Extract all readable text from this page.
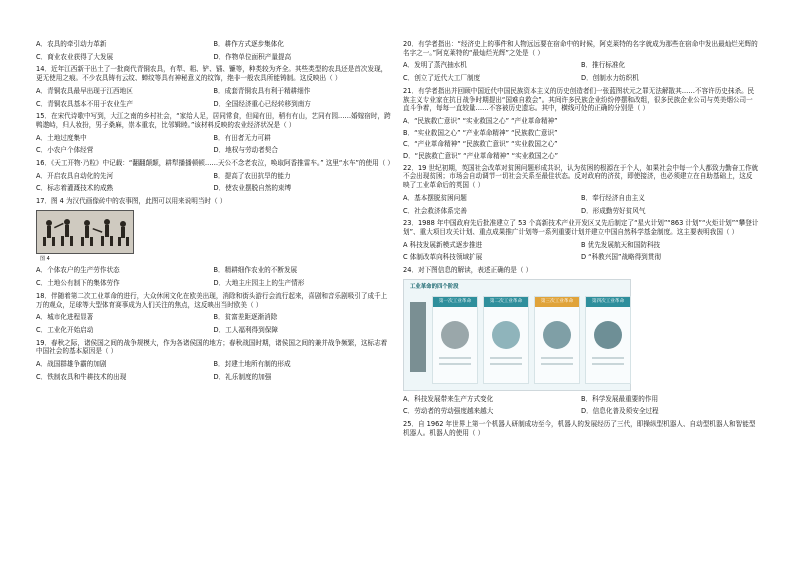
A．农具的牵引动力革新	B．耕作方式逐步集体化
C．商业农业获得了大发展	D．作物单位面积产量提高
14．近年江西新干出土了一批商代青铜农具，有犁、耜、铲、锸、镰等，种类较为齐全。其些类型的农具还是首次发现，更无使用之痕。不少农具铸有云纹、蝉纹等具有神秘意义的纹饰，绝非一般农具所能铸制。这反映出（ ）
A．青铜农具最早出现于江西地区	B．成套青铜农具有利于精耕细作
C．青铜农具基本不用于农业生产	D．全国经济重心已经转移到南方
15．在宋代诗歌中写到，大江之南的乡村社会，“家给人足，居同常食，但闻有田，稍有有山，艺同有园……婚嫁宿时，跨鸭遨峙，归人妆扮，男子桑麻，崇本重农，比邻辑睦。”该材料反映的农业经济状况是（ ）
A．土地过度集中	B．有田者无力可耕
C．小农户个体经营	D．地权与劳动者契合
16．《天工开物·乃粒》中记载：“翻翻颠颠，耕犁播播顿顿……天公不念老农泣，唤取阿香推雷车。” 这里“水车”的使用（ ）
A．开启农具自动化的先河	B．提高了农田抗旱的能力
C．标志着灌溉技术的成熟	D．使农业摆脱自然的束缚
17．图 4 为汉代画像砖中的农事图，此图可以用来说明当时（ ）
图 4
A．个体农户的生产劳作状态	B．精耕细作农业的不断发展
C．土地公有制下的集体劳作	D．大地主庄园主上的生产情形
18．伴随着第二次工业革命的进行，大众休闲文化在欧美出现，消除和街头游行会流行起来，喜剧和音乐剧吸引了成千上万的观众，足球等大型体育赛事成为人们关注的焦点，这反映出当时欧美（ ）
A．城市化进程显著	B．贫富差距逐渐消除
C．工业化开始启动	D．工人福利得到保障
19．春秋之际，诸侯国之间的战争规模大，作为各诸侯国的地方；春秋战国时期，诸侯国之间的兼并战争频繁，这标志着中国社会的基本原因是（ ）
A．战国群雄争霸的加剧	B．封建土地所有制的形成
C．铁制农具和牛耕技术的出现	D．礼乐制度的加强
20．有学者指出：“经济史上的事件和人物远远要在宿命中的时候，阿克莱特的名字就成为那些在宿命中发出最灿烂光辉的名字之一。”阿克莱特的“最灿烂光辉”之处是（ ）
A．发明了蒸汽抽水机	B．推行标准化
C．创立了近代大工厂制度	D．创制水力纺织机
21．有学者指出并回顾中国近代中国民族资本主义的历史创造者们一张蓝图状元之罪无法解散其……不容许历史抹杀。民族主义专业家在抗日战争时期提出“国难自救会”。其间许多民族企业纷纷停摆和改组，很多民族企业公司与英美烟公司一直斗争着，每每一直较量……不容被历史遗忘。其中，横线可处的正确的分别是（ ）
A．“民族救亡意识” “实业救国之心” “产业革命精神”
B．“实业救国之心” “产业革命精神” “民族救亡意识”
C．“产业革命精神” “民族救亡意识” “实业救国之心”
D．“民族救亡意识” “产业革命精神” “实业救国之心”
22．19 世纪初期，英国社会改革对贫困问题形成共识，认为贫困的根源在于个人，如果社会中每一个人都致力勤奋工作就不会出现贫困；市场会自动调节一切社会关系至最佳状态。反对政府的济贫，即使接济，也必须建立在自助基础上，这反映了工业革命后的英国（ ）
A．基本摆脱贫困问题	B．奉行经济自由主义
C．社会救济体系完善	D．形成勤劳好贫风气
23．1988 年中国政府先后批准建立了 53 个高新技术产业开发区又先后制定了“星火计划”“863 计划”“火炬计划”“攀登计划”、重大项目攻关计划、重点成果推广计划等一系列重要计划并建立中国自然科学基金制度。这主要表明我国（ ）
A 科技发展新模式逐步推进	B 优先发展航天和国防科技
C 体制改革向科技领域扩展	D “科教兴国”战略得到贯彻
24．对下图信息的解读，表述正确的是（ ）
工业革命的四个阶段
第一次工业革命	第二次工业革命	第三次工业革命	第四次工业革命
A．科技发展带来生产方式变化	B．科学发展最重要的作用
C．劳动者的劳动强度越来越大	D．信息化普及须安全过程
25．自 1962 年世界上第一个机器人研制成功至今，机器人的发展经历了三代，即操纵型机器人、自动型机器人和智能型机器人。机器人的使用（ ）
